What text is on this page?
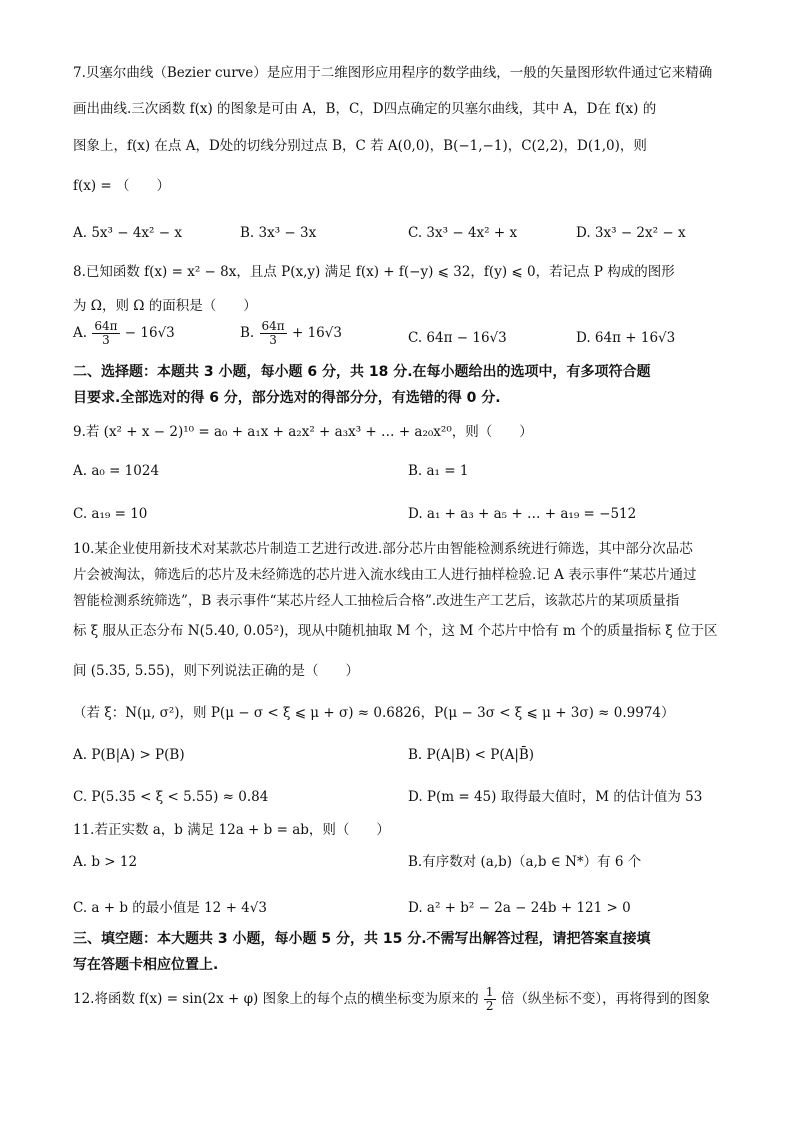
7.贝塞尔曲线（Bezier curve）是应用于二维图形应用程序的数学曲线，一般的矢量图形软件通过它来精确
画出曲线.三次函数 f(x) 的图象是可由 A，B，C，D四点确定的贝塞尔曲线，其中 A，D在 f(x) 的
图象上，f(x) 在点 A，D处的切线分别过点 B，C 若 A(0,0)，B(−1,−1)，C(2,2)，D(1,0)，则
f(x) = （　　）
A. 5x³ − 4x² − x	B. 3x³ − 3x	C. 3x³ − 4x² + x	D. 3x³ − 2x² − x
8.已知函数 f(x) = x² − 8x，且点 P(x,y) 满足 f(x) + f(−y) ⩽ 32，f(y) ⩽ 0，若记点 P 构成的图形
为 Ω，则 Ω 的面积是（　　）
A. $\frac{64\pi}{3} - 16√3$	B. $\frac{64\pi}{3} + 16√3$	C. 64π − 16√3	D. 64π + 16√3
二、选择题：本题共 3 小题，每小题 6 分，共 18 分.在每小题给出的选项中，有多项符合题
目要求.全部选对的得 6 分，部分选对的得部分分，有选错的得 0 分.
9.若 (x² + x − 2)¹⁰ = a₀ + a₁x + a₂x² + a₃x³ + … + a₂₀x²⁰，则（　　）
A. a₀ = 1024	B. a₁ = 1
C. a₁₉ = 10	D. a₁ + a₃ + a₅ + … + a₁₉ = −512
10.某企业使用新技术对某款芯片制造工艺进行改进.部分芯片由智能检测系统进行筛选，其中部分次品芯
片会被淘汰，筛选后的芯片及未经筛选的芯片进入流水线由工人进行抽样检验.记 A 表示事件“某芯片通过
智能检测系统筛选”，B 表示事件“某芯片经人工抽检后合格”.改进生产工艺后，该款芯片的某项质量指
标 ξ 服从正态分布 N(5.40, 0.05²)，现从中随机抽取 M 个，这 M 个芯片中恰有 m 个的质量指标 ξ 位于区
间 (5.35, 5.55)，则下列说法正确的是（　　）
（若 ξ：N(μ, σ²)，则 P(μ − σ < ξ ⩽ μ + σ) ≈ 0.6826，P(μ − 3σ < ξ ⩽ μ + 3σ) ≈ 0.9974）
A. P(B|A) > P(B)	B. P(A|B) < P(A|B̄)
C. P(5.35 < ξ < 5.55) ≈ 0.84	D. P(m = 45) 取得最大值时，M 的估计值为 53
11.若正实数 a，b 满足 12a + b = ab，则（　　）
A. b > 12	B.有序数对 (a,b)（a,b ∈ N*）有 6 个
C. a + b 的最小值是 12 + 4√3	D. a² + b² − 2a − 24b + 121 > 0
三、填空题：本大题共 3 小题，每小题 5 分，共 15 分.不需写出解答过程，请把答案直接填
写在答题卡相应位置上.
12.将函数 f(x) = sin(2x + φ) 图象上的每个点的横坐标变为原来的 $\frac{1}{2}$ 倍（纵坐标不变），再将得到的图象
